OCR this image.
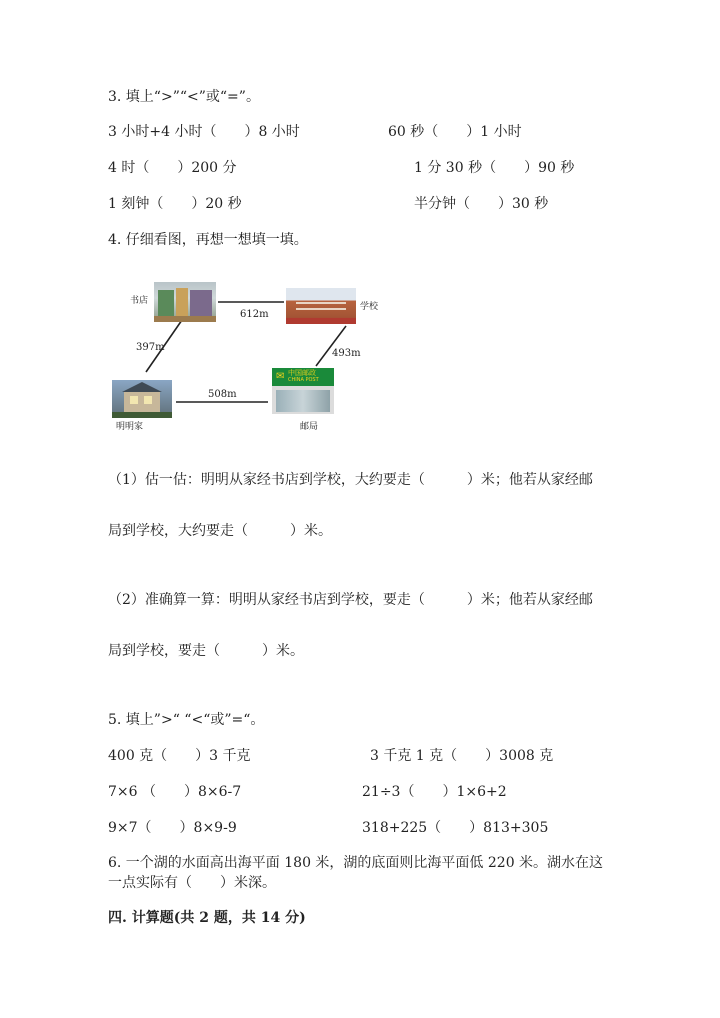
3. 填上“>”“<”或“=”。
3 小时+4 小时（　　）8 小时	60 秒（　　）1 小时
4 时（　　）200 分	1 分 30 秒（　　）90 秒
1 刻钟（　　）20 秒	半分钟（　　）30 秒
4. 仔细看图，再想一想填一填。
中国邮政
CHINA POST
✉
书店
学校
明明家	邮局
612m
397m
508m
493m
（1）估一估：明明从家经书店到学校，大约要走（　　　）米；他若从家经邮
局到学校，大约要走（　　　）米。
（2）准确算一算：明明从家经书店到学校，要走（　　　）米；他若从家经邮
局到学校，要走（　　　）米。
5. 填上”>“ “<“或”=“。
400 克（　　）3 千克	3 千克 1 克（　　）3008 克
7×6 （　　）8×6-7	21÷3（　　）1×6+2
9×7（　　）8×9-9	318+225（　　）813+305
6. 一个湖的水面高出海平面 180 米，湖的底面则比海平面低 220 米。湖水在这
一点实际有（　　）米深。
四. 计算题(共 2 题，共 14 分)
